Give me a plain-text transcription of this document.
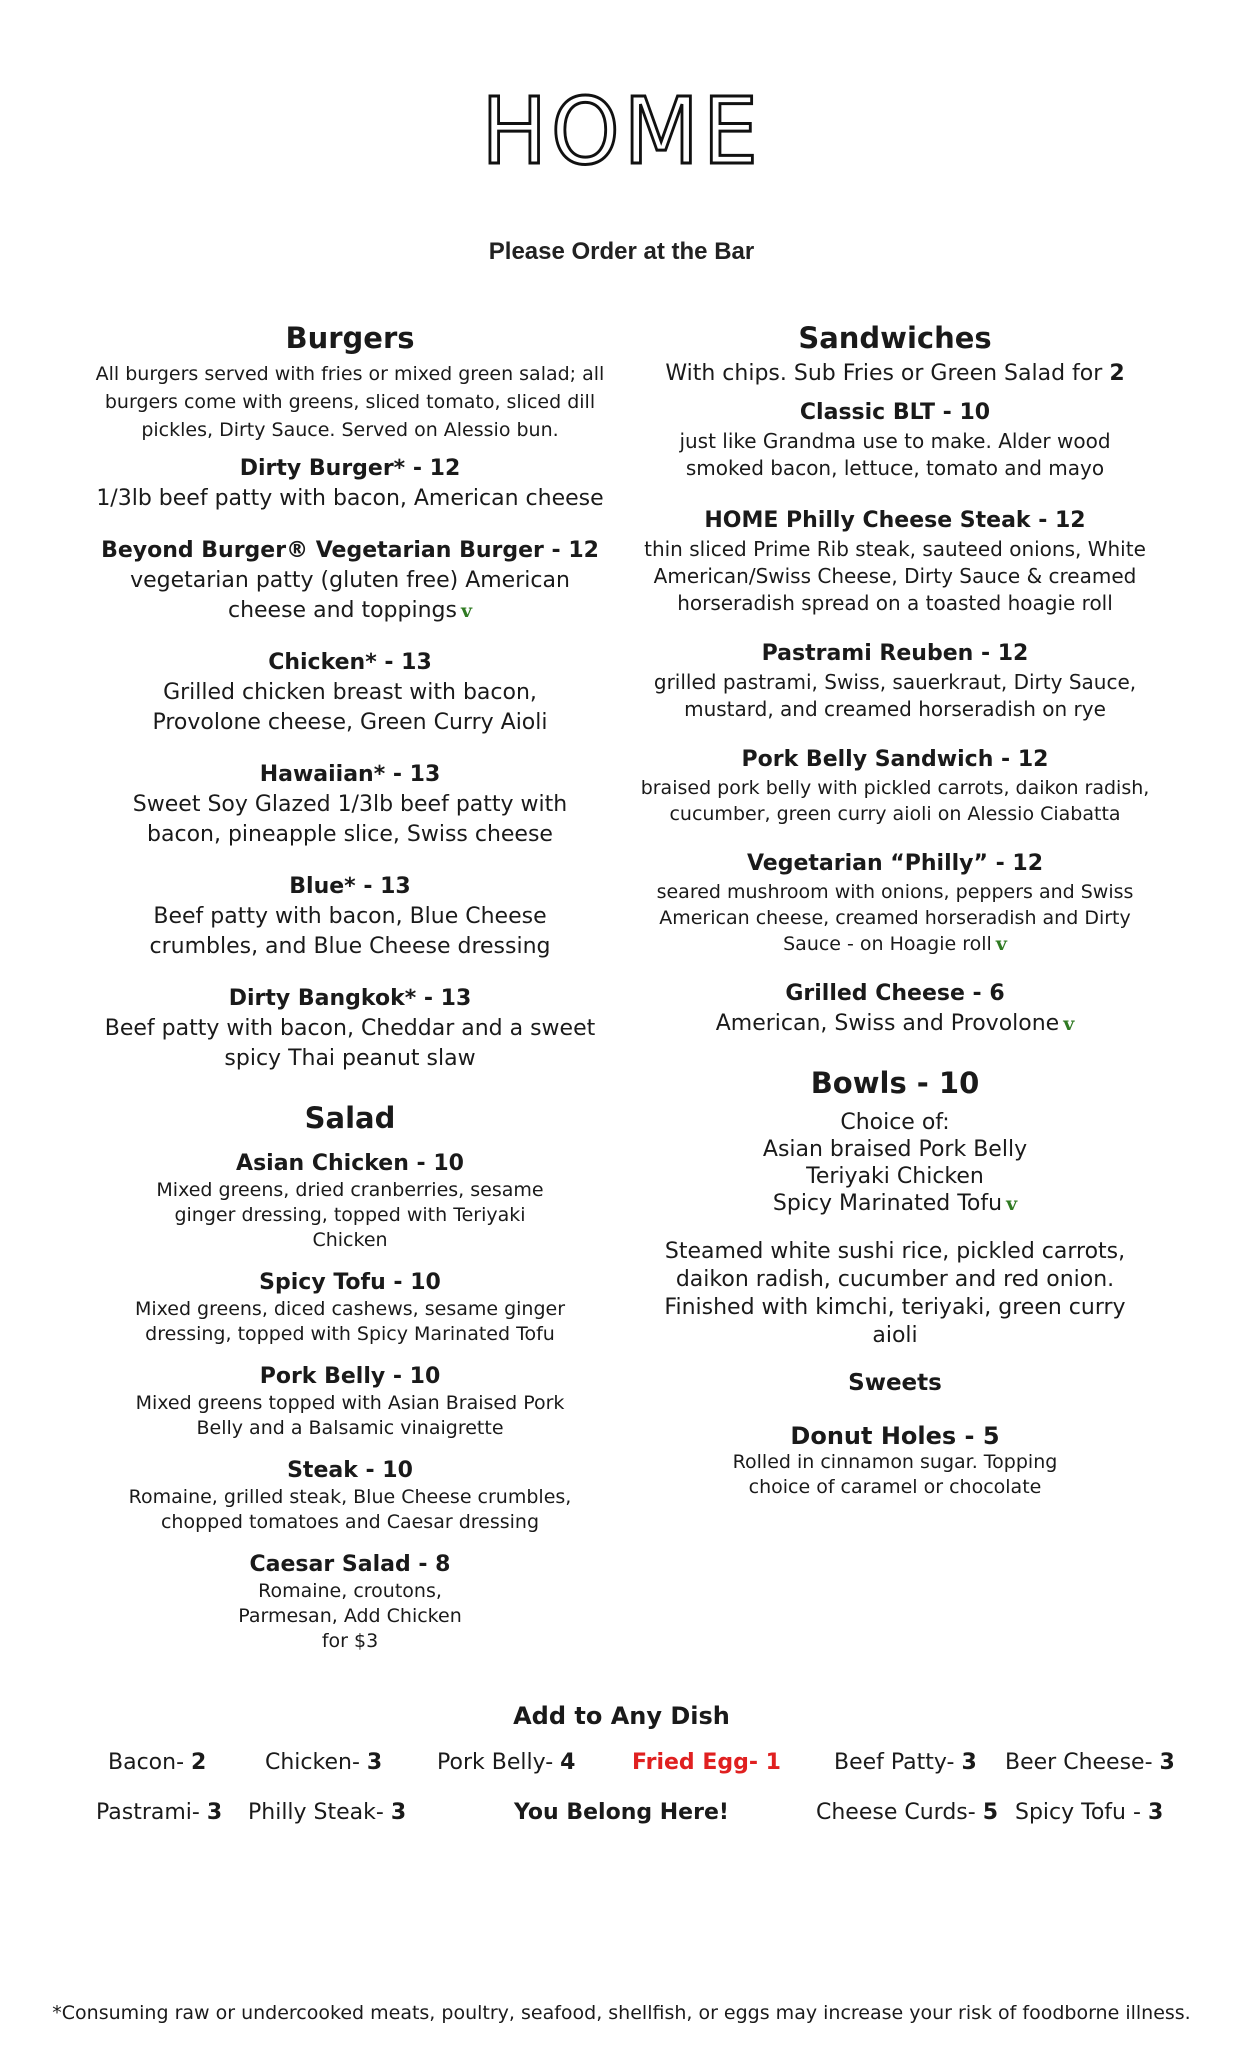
HOME
Please Order at the Bar
Burgers
All burgers served with fries or mixed green salad; all burgers come with greens, sliced tomato, sliced dill pickles, Dirty Sauce. Served on Alessio bun.
Dirty Burger* - 12
1/3lb beef patty with bacon, American cheese
Beyond Burger® Vegetarian Burger - 12
vegetarian patty (gluten free) American cheese and toppings v
Chicken* - 13
Grilled chicken breast with bacon, Provolone cheese, Green Curry Aioli
Hawaiian* - 13
Sweet Soy Glazed 1/3lb beef patty with bacon, pineapple slice, Swiss cheese
Blue* - 13
Beef patty with bacon, Blue Cheese crumbles, and Blue Cheese dressing
Dirty Bangkok* - 13
Beef patty with bacon, Cheddar and a sweet spicy Thai peanut slaw
Sandwiches
With chips. Sub Fries or Green Salad for 2
Classic BLT - 10
just like Grandma use to make. Alder wood smoked bacon, lettuce, tomato and mayo
HOME Philly Cheese Steak - 12
thin sliced Prime Rib steak, sauteed onions, White American/Swiss Cheese, Dirty Sauce & creamed horseradish spread on a toasted hoagie roll
Pastrami Reuben - 12
grilled pastrami, Swiss, sauerkraut, Dirty Sauce, mustard, and creamed horseradish on rye
Pork Belly Sandwich - 12
braised pork belly with pickled carrots, daikon radish, cucumber, green curry aioli on Alessio Ciabatta
Vegetarian “Philly” - 12
seared mushroom with onions, peppers and Swiss American cheese, creamed horseradish and Dirty Sauce - on Hoagie roll v
Grilled Cheese - 6
American, Swiss and Provolone v
Salad
Asian Chicken - 10
Mixed greens, dried cranberries, sesame ginger dressing, topped with Teriyaki Chicken
Spicy Tofu - 10
Mixed greens, diced cashews, sesame ginger dressing, topped with Spicy Marinated Tofu
Pork Belly - 10
Mixed greens topped with Asian Braised Pork Belly and a Balsamic vinaigrette
Steak - 10
Romaine, grilled steak, Blue Cheese crumbles, chopped tomatoes and Caesar dressing
Caesar Salad - 8
Romaine, croutons, Parmesan, Add Chicken for $3
Bowls - 10
Choice of:
Asian braised Pork Belly
Teriyaki Chicken
Spicy Marinated Tofu v
Steamed white sushi rice, pickled carrots, daikon radish, cucumber and red onion. Finished with kimchi, teriyaki, green curry aioli
Sweets
Donut Holes - 5
Rolled in cinnamon sugar. Topping choice of caramel or chocolate
Add to Any Dish
Bacon- 2	Chicken- 3 Pork Belly- 4	Fried Egg- 1 Beef Patty- 3 Beer Cheese- 3
Pastrami- 3 Philly Steak- 3	You Belong Here!	Cheese Curds- 5 Spicy Tofu - 3
*Consuming raw or undercooked meats, poultry, seafood, shellfish, or eggs may increase your risk of foodborne illness.
